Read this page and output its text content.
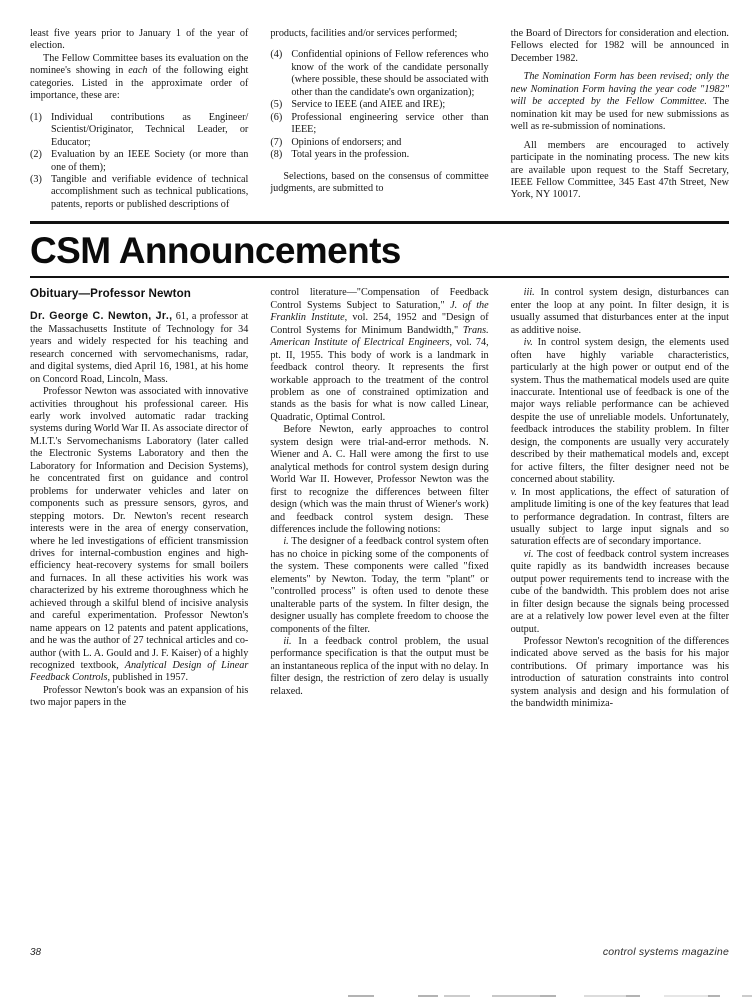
least five years prior to January 1 of the year of election.

The Fellow Committee bases its evaluation on the nominee's showing in each of the following eight categories. Listed in the approximate order of importance, these are:

(1) Individual contributions as Engineer/ Scientist/Originator, Technical Leader, or Educator;
(2) Evaluation by an IEEE Society (or more than one of them);
(3) Tangible and verifiable evidence of technical accomplishment such as technical publications, patents, reports or published descriptions of

products, facilities and/or services performed;

(4) Confidential opinions of Fellow references who know of the work of the candidate personally (where possible, these should be associated with other than the candidate's own organization);
(5) Service to IEEE (and AIEE and IRE);
(6) Professional engineering service other than IEEE;
(7) Opinions of endorsers; and
(8) Total years in the profession.

Selections, based on the consensus of committee judgments, are submitted to

the Board of Directors for consideration and election. Fellows elected for 1982 will be announced in December 1982.

The Nomination Form has been revised; only the new Nomination Form having the year code "1982" will be accepted by the Fellow Committee. The nomination kit may be used for new submissions as well as re-submission of nominations.

All members are encouraged to actively participate in the nominating process. The new kits are available upon request to the Staff Secretary, IEEE Fellow Committee, 345 East 47th Street, New York, NY 10017.

CSM Announcements
Obituary—Professor Newton

Dr. George C. Newton, Jr., 61, a professor at the Massachusetts Institute of Technology for 34 years and widely respected for his teaching and research concerned with servomechanisms, radar, and digital systems, died April 16, 1981, at his home on Concord Road, Lincoln, Mass.

Professor Newton was associated with innovative activities throughout his professional career. His early work involved automatic radar tracking systems during World War II. As associate director of M.I.T.'s Servomechanisms Laboratory (later called the Electronic Systems Laboratory and then the Laboratory for Information and Decision Systems), he concentrated first on guidance and control problems for underwater vehicles and later on components such as pressure sensors, gyros, and stepping motors. Dr. Newton's recent research interests were in the area of energy conservation, where he led investigations of efficient transmission drives for internal-combustion engines and high-efficiency heat-recovery systems for small boilers and furnaces. In all these activities his work was characterized by his extreme thoroughness which he achieved through a skilful blend of incisive analysis and careful experimentation. Professor Newton's name appears on 12 patents and patent applications, and he was the author of 27 technical articles and co-author (with L. A. Gould and J. F. Kaiser) of a highly recognized textbook, Analytical Design of Linear Feedback Controls, published in 1957.

Professor Newton's book was an expansion of his two major papers in the

control literature—"Compensation of Feedback Control Systems Subject to Saturation," J. of the Franklin Institute, vol. 254, 1952 and "Design of Control Systems for Minimum Bandwidth," Trans. American Institute of Electrical Engineers, vol. 74, pt. II, 1955. This body of work is a landmark in feedback control theory. It represents the first workable approach to the treatment of the control problem as one of constrained optimization and stands as the basis for what is now called Linear, Quadratic, Optimal Control.

Before Newton, early approaches to control system design were trial-and-error methods. N. Wiener and A. C. Hall were among the first to use analytical methods for control system design during World War II. However, Professor Newton was the first to recognize the differences between filter design (which was the main thrust of Wiener's work) and feedback control system design. These differences include the following notions:

i. The designer of a feedback control system often has no choice in picking some of the components of the system. These components were called "fixed elements" by Newton. Today, the term "plant" or "controlled process" is often used to denote these unalterable parts of the system. In filter design, the designer usually has complete freedom to choose the components of the filter.

ii. In a feedback control problem, the usual performance specification is that the output must be an instantaneous replica of the input with no delay. In filter design, the restriction of zero delay is usually relaxed.

iii. In control system design, disturbances can enter the loop at any point. In filter design, it is usually assumed that disturbances enter at the input as additive noise.

iv. In control system design, the elements used often have highly variable characteristics, particularly at the high power or output end of the system. Thus the mathematical models used are quite inaccurate. Intentional use of feedback is one of the major ways reliable performance can be achieved despite the use of unreliable models. Unfortunately, feedback introduces the stability problem. In filter design, the components are usually very accurately described by their mathematical models and, except for active filters, the filter designer need not be concerned about stability.

v. In most applications, the effect of saturation of amplitude limiting is one of the key features that lead to performance degradation. In contrast, filters are usually subject to large input signals and so saturation effects are of secondary importance.

vi. The cost of feedback control system increases quite rapidly as its bandwidth increases because output power requirements tend to increase with the cube of the bandwidth. This problem does not arise in filter design because the signals being processed are at a relatively low power level even at the filter output.

Professor Newton's recognition of the differences indicated above served as the basis for his major contributions. Of primary importance was his introduction of saturation constraints into control system analysis and design and his formulation of the bandwidth minimiza-

38	control systems magazine
